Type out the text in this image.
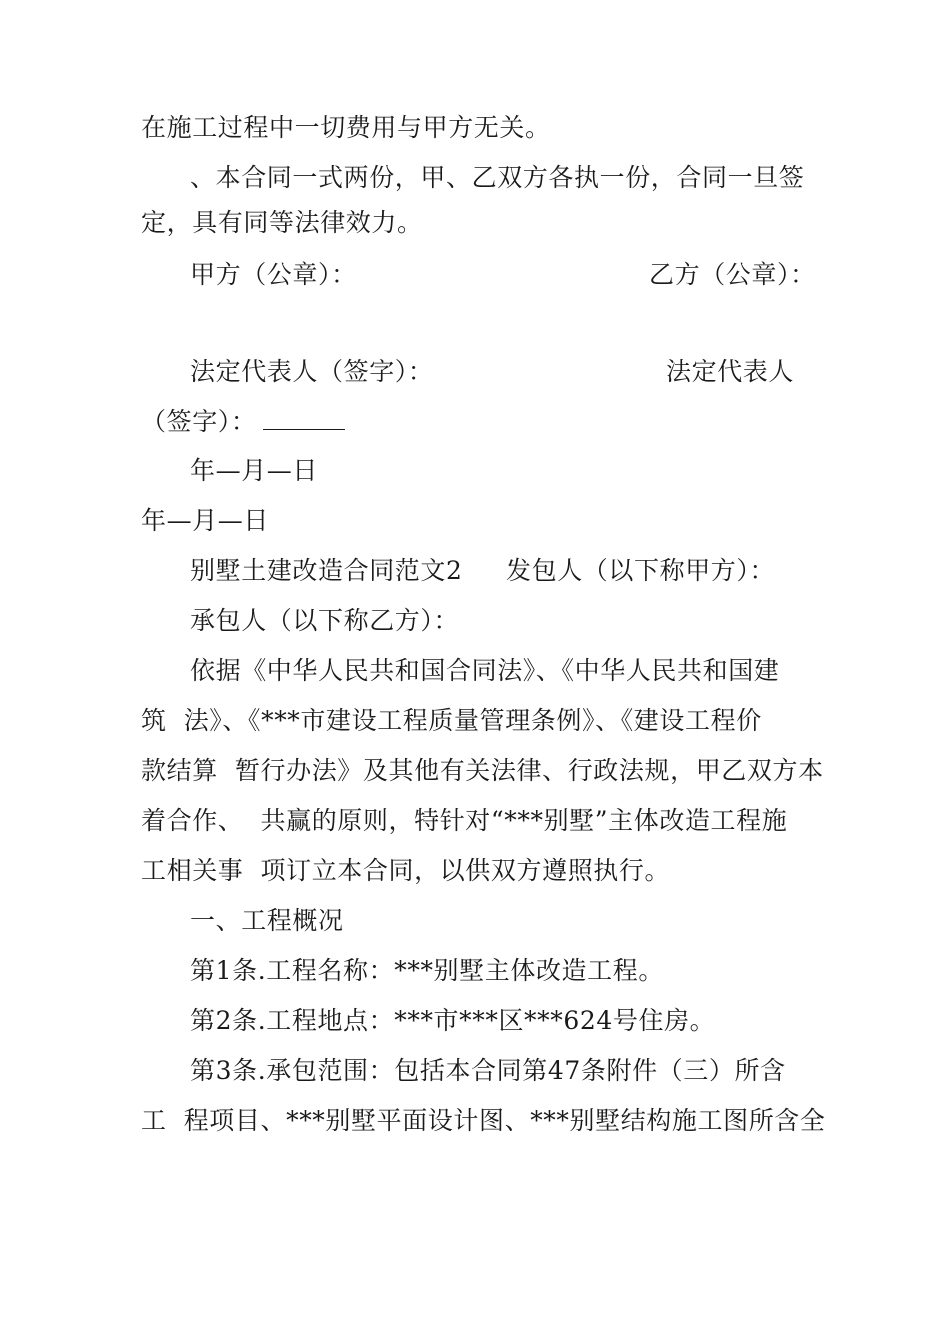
在施工过程中一切费用与甲方无关。
、本合同一式两份，甲、乙双方各执一份，合同一旦签
定，具有同等法律效力。
甲方（公章）：	乙方（公章）：
法定代表人（签字）：	法定代表人
（签字）：
年—月—日
年—月—日
别墅土建改造合同范文2 发包人（以下称甲方）：
承包人（以下称乙方）：
依据《中华人民共和国合同法》、《中华人民共和国建
筑  法》、《***市建设工程质量管理条例》、《建设工程价
款结算  暂行办法》及其他有关法律、行政法规，甲乙双方本
着合作、  共赢的原则，特针对“***别墅”主体改造工程施
工相关事  项订立本合同，以供双方遵照执行。
一、工程概况
第1条.工程名称：***别墅主体改造工程。
第2条.工程地点：***市***区***624号住房。
第3条.承包范围：包括本合同第47条附件（三）所含
工  程项目、***别墅平面设计图、***别墅结构施工图所含全
